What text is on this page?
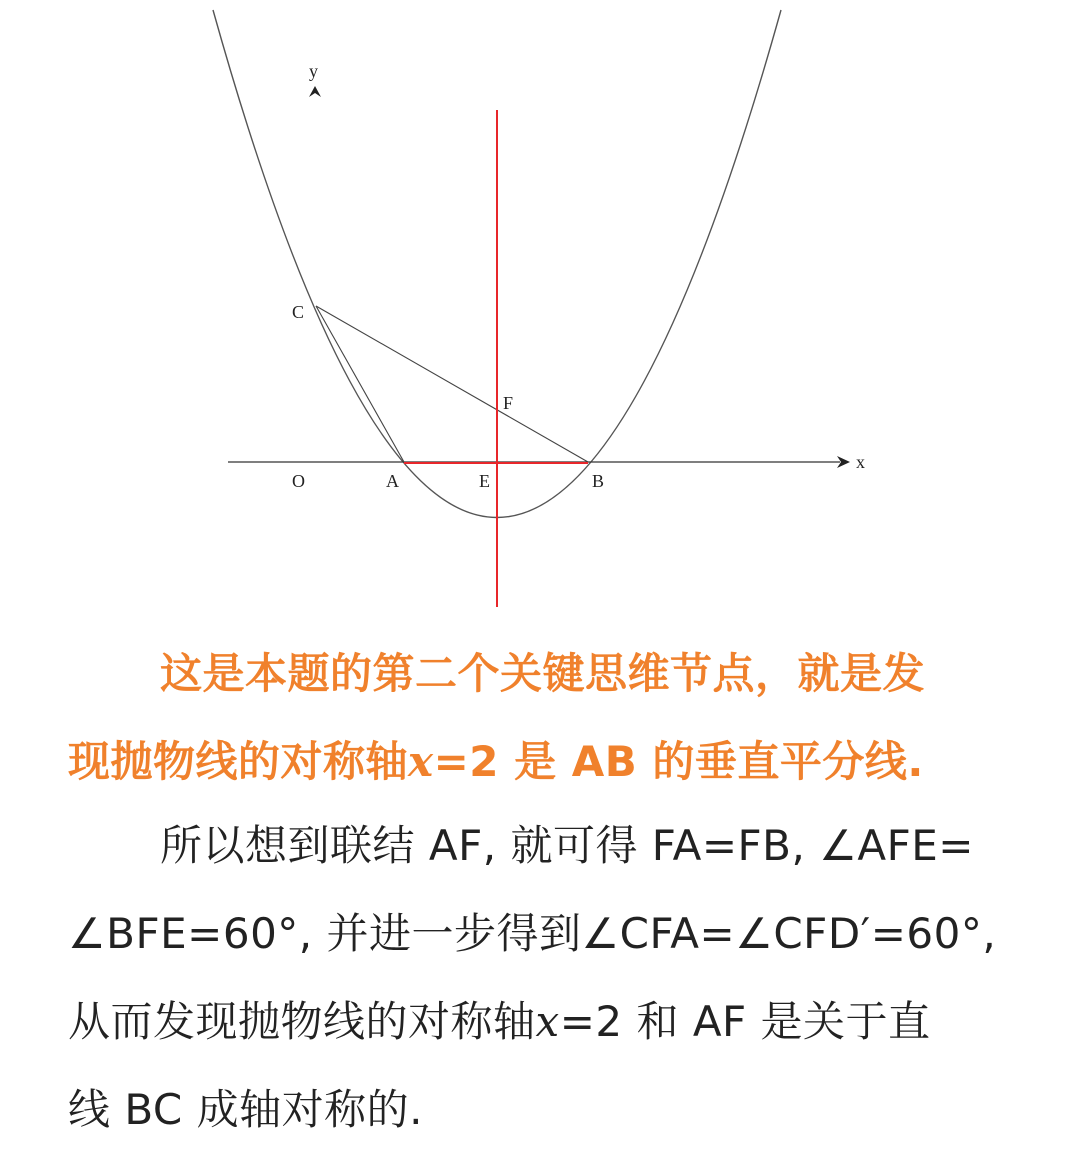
y
x
C
F
O	A	E	B
这是本题的第二个关键思维节点，就是发
现抛物线的对称轴x=2 是 AB 的垂直平分线.
所以想到联结 AF, 就可得 FA=FB, ∠AFE=
∠BFE=60°, 并进一步得到∠CFA=∠CFD′=60°,
从而发现抛物线的对称轴x=2 和 AF 是关于直
线 BC 成轴对称的.
